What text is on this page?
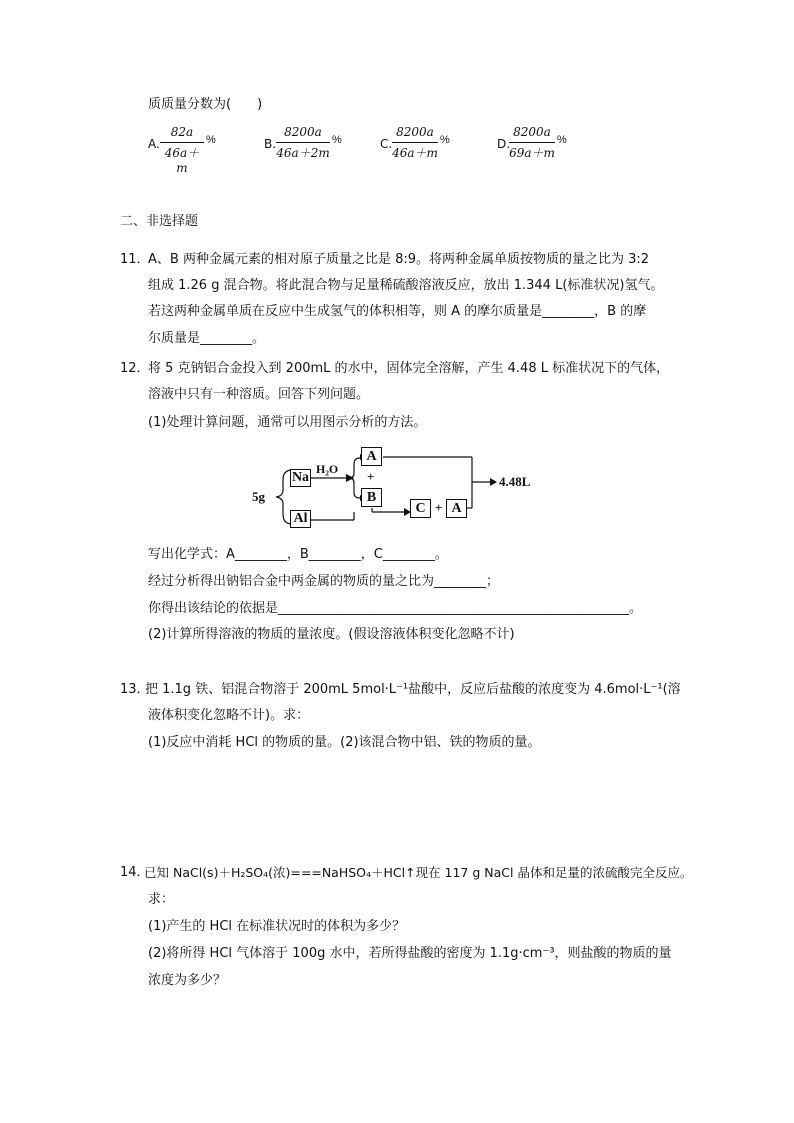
质质量分数为(　　)
A.
82a
46a＋m
%	B.
8200a
46a＋2m
%	C.
8200a
46a＋m
%	D.
8200a
69a＋m
%
二、非选择题
11．
A、B 两种金属元素的相对原子质量之比是 8:9。将两种金属单质按物质的量之比为 3:2
组成 1.26 g 混合物。将此混合物与足量稀硫酸溶液反应，放出 1.344 L(标准状况)氢气。
若这两种金属单质在反应中生成氢气的体积相等，则 A 的摩尔质量是________，B 的摩
尔质量是________。
12．
将 5 克钠铝合金投入到 200mL 的水中，固体完全溶解，产生 4.48 L 标准状况下的气体，
溶液中只有一种溶质。回答下列问题。
(1)处理计算问题，通常可以用图示分析的方法。
5g
Na
H₂O
Al
A
+
B
C + A
4.48L
写出化学式：A________，B________，C________。
经过分析得出钠铝合金中两金属的物质的量之比为________；
你得出该结论的依据是______________________________________________________。
(2)计算所得溶液的物质的量浓度。(假设溶液体积变化忽略不计)
13．
把 1.1g 铁、铝混合物溶于 200mL 5mol·L⁻¹盐酸中，反应后盐酸的浓度变为 4.6mol·L⁻¹(溶
液体积变化忽略不计)。求：
(1)反应中消耗 HCl 的物质的量。(2)该混合物中铝、铁的物质的量。
14．
已知 NaCl(s)＋H₂SO₄(浓)===NaHSO₄＋HCl↑现在 117 g NaCl 晶体和足量的浓硫酸完全反应。
求：
(1)产生的 HCl 在标准状况时的体积为多少？
(2)将所得 HCl 气体溶于 100g 水中，若所得盐酸的密度为 1.1g·cm⁻³，则盐酸的物质的量
浓度为多少？
